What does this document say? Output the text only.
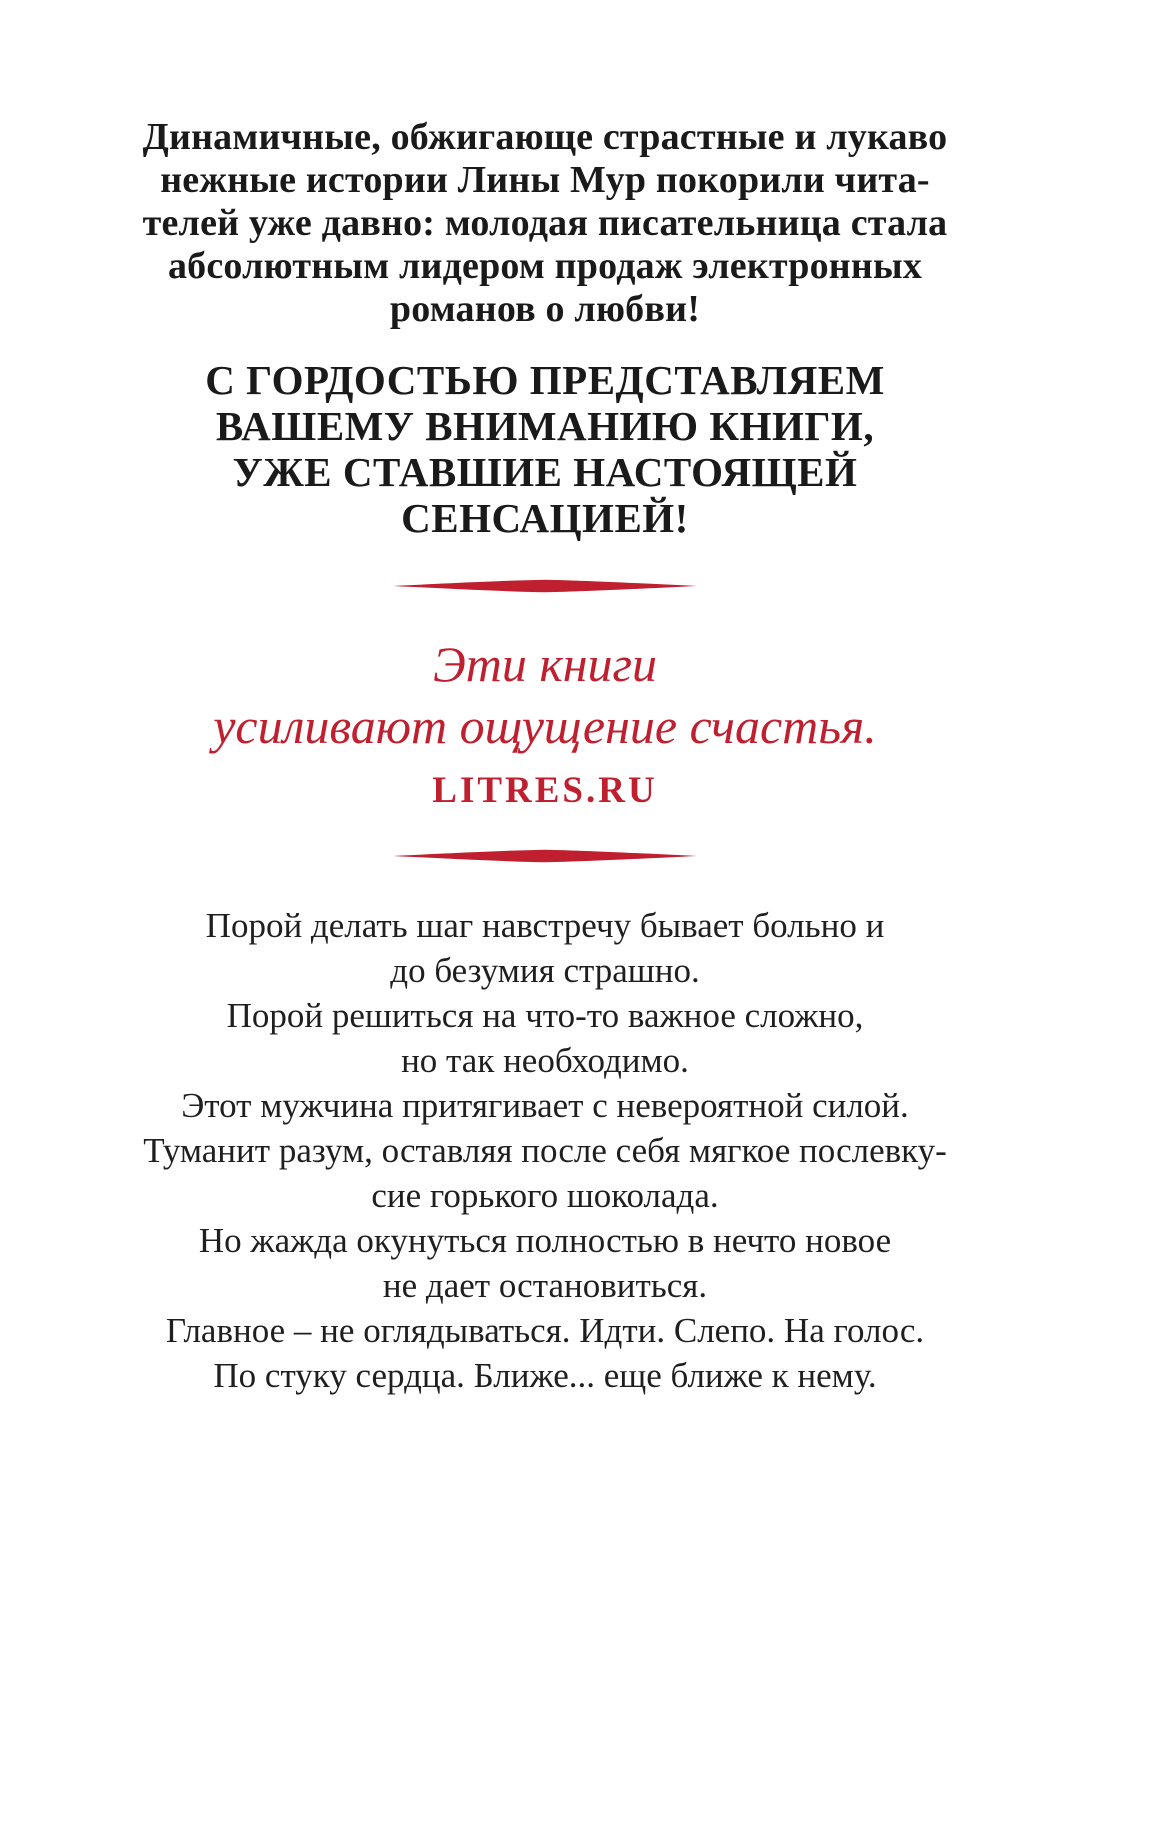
Динамичные, обжигающе страстные и лукаво
нежные истории Лины Мур покорили чита-
телей уже давно: молодая писательница стала
абсолютным лидером продаж электронных
романов о любви!

С ГОРДОСТЬЮ ПРЕДСТАВЛЯЕМ
ВАШЕМУ ВНИМАНИЮ КНИГИ,
УЖЕ СТАВШИЕ НАСТОЯЩЕЙ
СЕНСАЦИЕЙ!

Эти книги
усиливают ощущение счастья.

LITRES.RU

Порой делать шаг навстречу бывает больно и
до безумия страшно.
Порой решиться на что-то важное сложно,
но так необходимо.
Этот мужчина притягивает с невероятной силой.
Туманит разум, оставляя после себя мягкое послевку-
сие горького шоколада.
Но жажда окунуться полностью в нечто новое
не дает остановиться.
Главное – не оглядываться. Идти. Слепо. На голос.
По стуку сердца. Ближе... еще ближе к нему.
